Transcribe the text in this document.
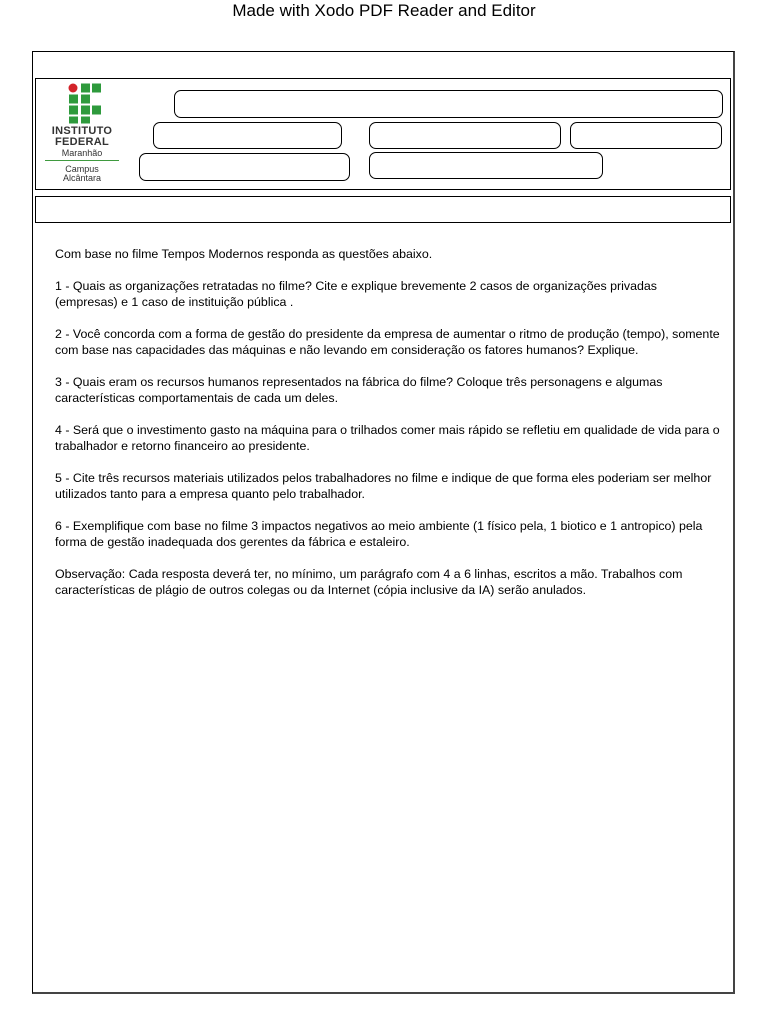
Made with Xodo PDF Reader and Editor
INSTITUTO
FEDERAL
Maranhão
Campus
Alcântara

Com base no filme Tempos Modernos responda as questões abaixo.

1 - Quais as organizações retratadas no filme? Cite e explique brevemente 2 casos de organizações privadas (empresas) e 1 caso de instituição pública .

2 - Você concorda com a forma de gestão do presidente da empresa de aumentar o ritmo de produção (tempo), somente com base nas capacidades das máquinas e não levando em consideração os fatores humanos? Explique.

3 - Quais eram os recursos humanos representados na fábrica do filme? Coloque três personagens e algumas características comportamentais de cada um deles.

4 - Será que o investimento gasto na máquina para o trilhados comer mais rápido se refletiu em qualidade de vida para o trabalhador e retorno financeiro ao presidente.

5 - Cite três recursos materiais utilizados pelos trabalhadores no filme e indique de que forma eles poderiam ser melhor utilizados tanto para a empresa quanto pelo trabalhador.

6 - Exemplifique com base no filme 3 impactos negativos ao meio ambiente (1 físico pela, 1 biotico e 1 antropico) pela forma de gestão inadequada dos gerentes da fábrica e estaleiro.

Observação: Cada resposta deverá ter, no mínimo, um parágrafo com 4 a 6 linhas, escritos a mão. Trabalhos com características de plágio de outros colegas ou da Internet (cópia inclusive da IA) serão anulados.
